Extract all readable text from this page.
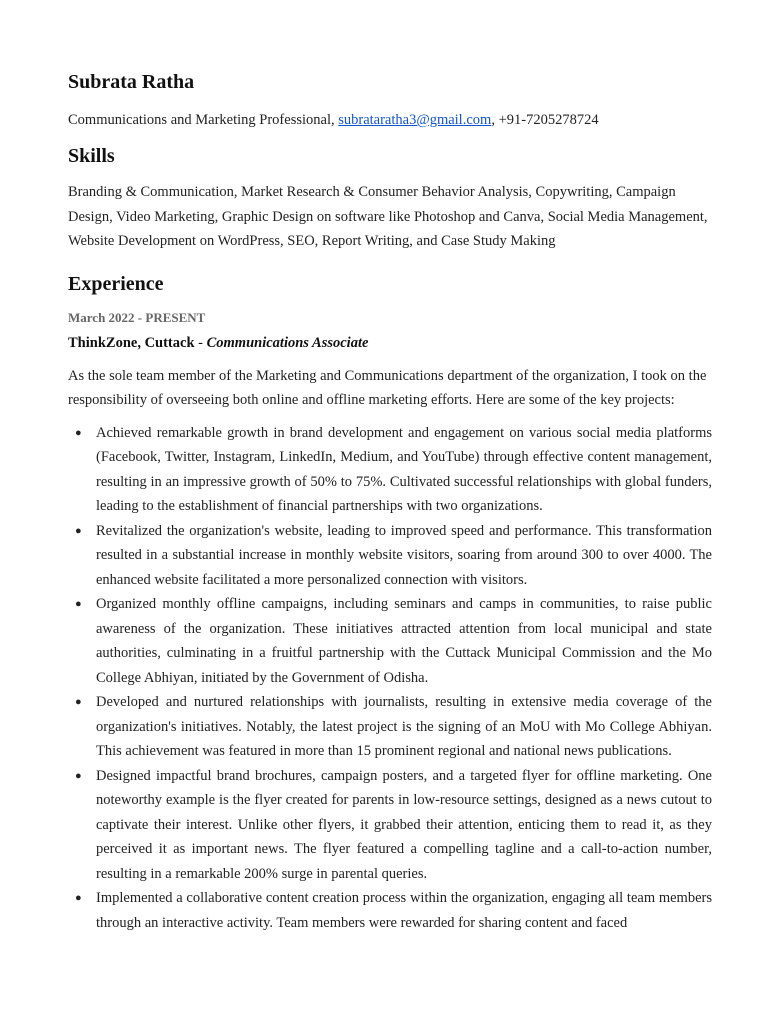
Subrata Ratha

Communications and Marketing Professional, subrataratha3@gmail.com, +91-7205278724

Skills

Branding & Communication, Market Research & Consumer Behavior Analysis, Copywriting, Campaign Design, Video Marketing, Graphic Design on software like Photoshop and Canva, Social Media Management, Website Development on WordPress, SEO, Report Writing, and Case Study Making

Experience
March 2022 - PRESENT
ThinkZone, Cuttack - Communications Associate

As the sole team member of the Marketing and Communications department of the organization, I took on the responsibility of overseeing both online and offline marketing efforts. Here are some of the key projects:

● Achieved remarkable growth in brand development and engagement on various social media platforms (Facebook, Twitter, Instagram, LinkedIn, Medium, and YouTube) through effective content management, resulting in an impressive growth of 50% to 75%. Cultivated successful relationships with global funders, leading to the establishment of financial partnerships with two organizations.
● Revitalized the organization's website, leading to improved speed and performance. This transformation resulted in a substantial increase in monthly website visitors, soaring from around 300 to over 4000. The enhanced website facilitated a more personalized connection with visitors.
● Organized monthly offline campaigns, including seminars and camps in communities, to raise public awareness of the organization. These initiatives attracted attention from local municipal and state authorities, culminating in a fruitful partnership with the Cuttack Municipal Commission and the Mo College Abhiyan, initiated by the Government of Odisha.
● Developed and nurtured relationships with journalists, resulting in extensive media coverage of the organization's initiatives. Notably, the latest project is the signing of an MoU with Mo College Abhiyan. This achievement was featured in more than 15 prominent regional and national news publications.
● Designed impactful brand brochures, campaign posters, and a targeted flyer for offline marketing. One noteworthy example is the flyer created for parents in low-resource settings, designed as a news cutout to captivate their interest. Unlike other flyers, it grabbed their attention, enticing them to read it, as they perceived it as important news. The flyer featured a compelling tagline and a call-to-action number, resulting in a remarkable 200% surge in parental queries.
● Implemented a collaborative content creation process within the organization, engaging all team members through an interactive activity. Team members were rewarded for sharing content and faced
